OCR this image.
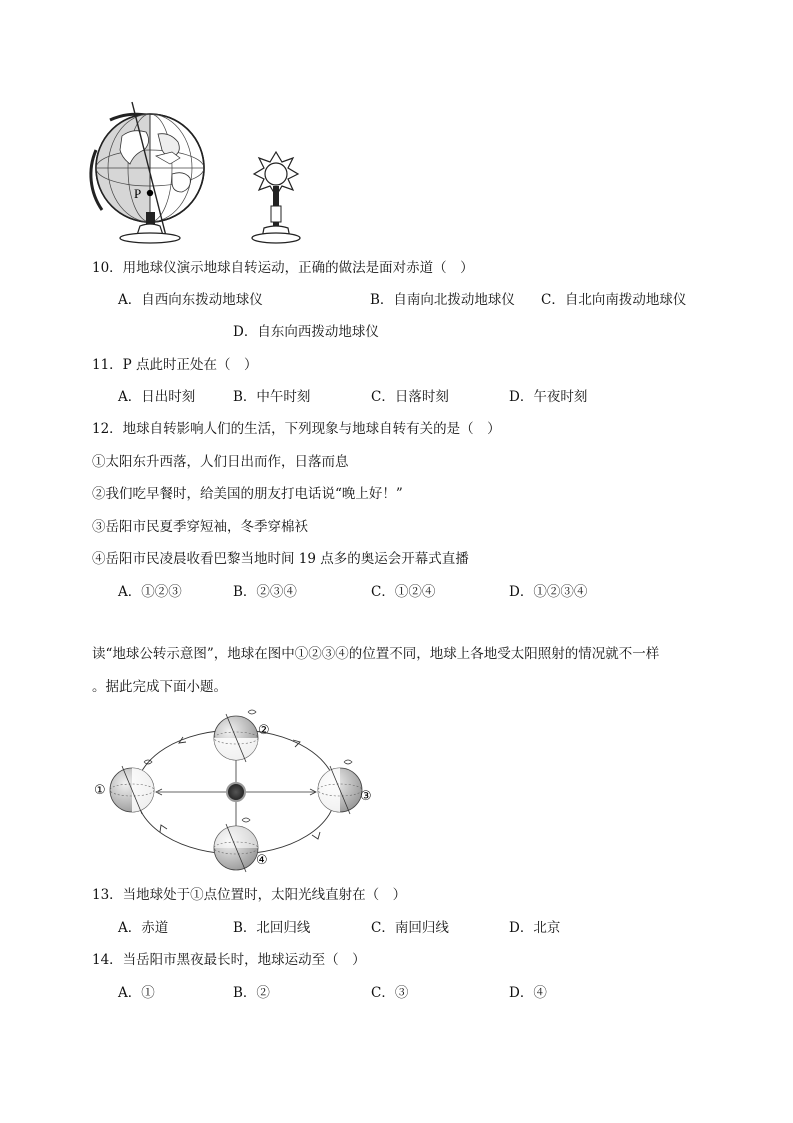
P
10．用地球仪演示地球自转运动，正确的做法是面对赤道（　）
A．自西向东拨动地球仪	B．自南向北拨动地球仪 C．自北向南拨动地球仪
D．自东向西拨动地球仪
11．P 点此时正处在（　）
A．日出时刻	B．中午时刻	C．日落时刻	D．午夜时刻
12．地球自转影响人们的生活，下列现象与地球自转有关的是（　）
①太阳东升西落，人们日出而作，日落而息
②我们吃早餐时，给美国的朋友打电话说“晚上好！”
③岳阳市民夏季穿短袖，冬季穿棉袄
④岳阳市民凌晨收看巴黎当地时间 19 点多的奥运会开幕式直播
A．①②③	B．②③④	C．①②④	D．①②③④
读“地球公转示意图”，地球在图中①②③④的位置不同，地球上各地受太阳照射的情况就不一样
。据此完成下面小题。
①
②
③
④
13．当地球处于①点位置时，太阳光线直射在（　）
A．赤道	B．北回归线	C．南回归线	D．北京
14．当岳阳市黑夜最长时，地球运动至（　）
A．①	B．②	C．③	D．④
